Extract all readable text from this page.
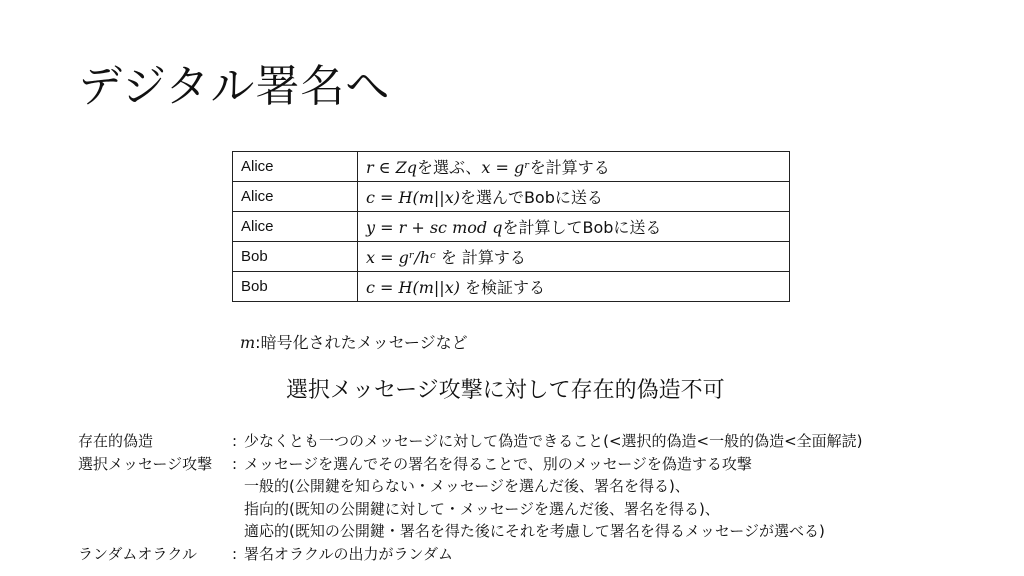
デジタル署名へ
Alice	r ∈ Zqを選ぶ、x = gʳを計算する
Alice	c = H(m||x)を選んでBobに送る
Alice	y = r + sc mod qを計算してBobに送る
Bob	x = gʳ/hᶜ を 計算する
Bob	c = H(m||x) を検証する
m:暗号化されたメッセージなど
選択メッセージ攻撃に対して存在的偽造不可
存在的偽造	: 少なくとも一つのメッセージに対して偽造できること(<選択的偽造<一般的偽造<全面解読)
選択メッセージ攻撃	: メッセージを選んでその署名を得ることで、別のメッセージを偽造する攻撃
一般的(公開鍵を知らない・メッセージを選んだ後、署名を得る)、
指向的(既知の公開鍵に対して・メッセージを選んだ後、署名を得る)、
適応的(既知の公開鍵・署名を得た後にそれを考慮して署名を得るメッセージが選べる)
ランダムオラクル	: 署名オラクルの出力がランダム
